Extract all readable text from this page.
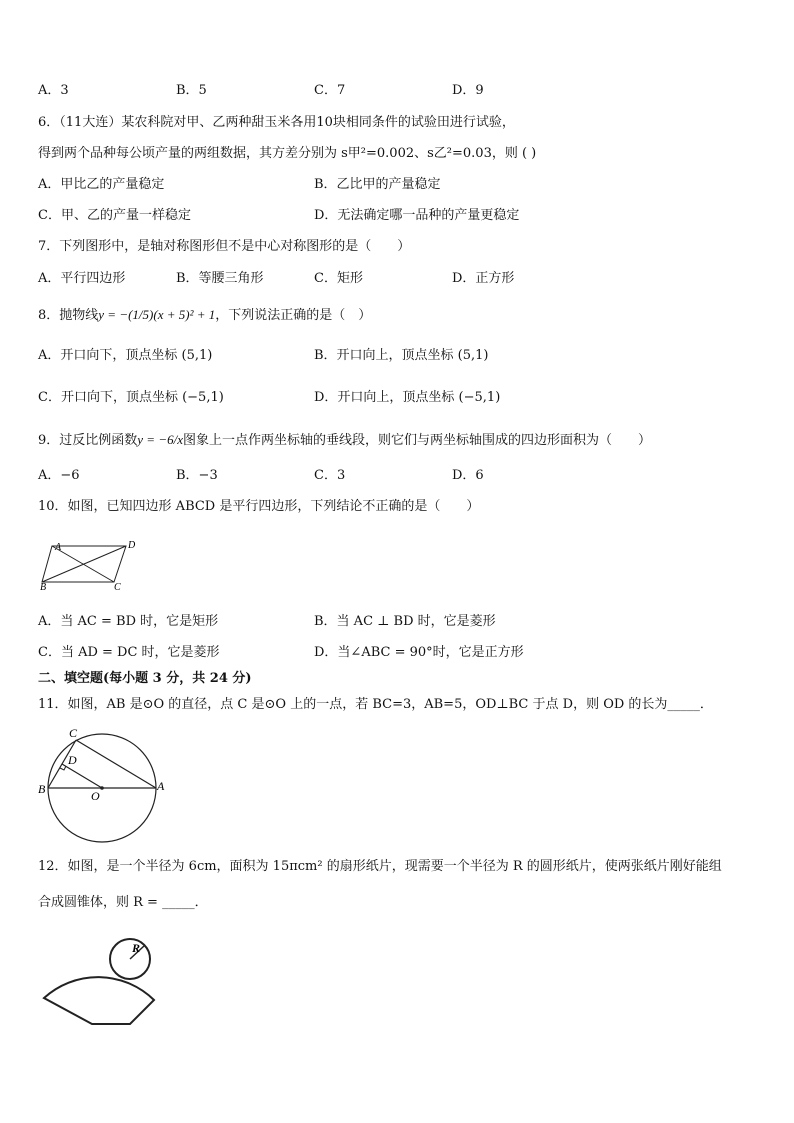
A．3	B．5	C．7	D．9
6．（11大连）某农科院对甲、乙两种甜玉米各用10块相同条件的试验田进行试验，
得到两个品种每公顷产量的两组数据，其方差分别为 s甲²=0.002、s乙²=0.03，则 ( )
A．甲比乙的产量稳定	B．乙比甲的产量稳定
C．甲、乙的产量一样稳定	D．无法确定哪一品种的产量更稳定
7．下列图形中，是轴对称图形但不是中心对称图形的是（　　）
A．平行四边形	B．等腰三角形	C．矩形	D．正方形
8．抛物线y = −(1/5)(x + 5)² + 1，下列说法正确的是（　）
A．开口向下，顶点坐标 (5,1)	B．开口向上，顶点坐标 (5,1)
C．开口向下，顶点坐标 (−5,1)	D．开口向上，顶点坐标 (−5,1)
9．过反比例函数y = −6/x图象上一点作两坐标轴的垂线段，则它们与两坐标轴围成的四边形面积为（　　）
A．−6	B．−3	C．3	D．6
10．如图，已知四边形 ABCD 是平行四边形，下列结论不正确的是（　　）
A	D
B	C
A．当 AC = BD 时，它是矩形	B．当 AC ⊥ BD 时，它是菱形
C．当 AD = DC 时，它是菱形	D．当∠ABC = 90°时，它是正方形
二、填空题(每小题 3 分，共 24 分)
11．如图，AB 是⊙O 的直径，点 C 是⊙O 上的一点，若 BC=3，AB=5，OD⊥BC 于点 D，则 OD 的长为_____．
C
D
B	O
A
12．如图，是一个半径为 6cm，面积为 15πcm² 的扇形纸片，现需要一个半径为 R 的圆形纸片，使两张纸片刚好能组
合成圆锥体，则 R = _____．
R
